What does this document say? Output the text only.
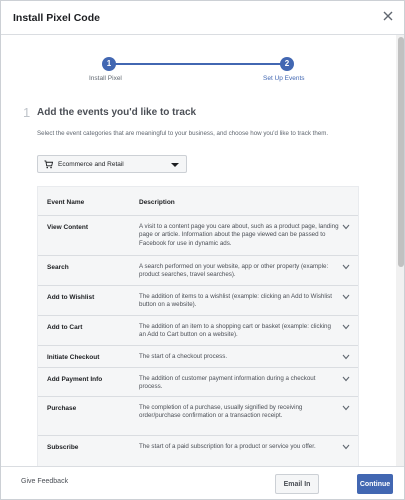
Install Pixel Code
1	2
Install Pixel	Set Up Events
1 Add the events you'd like to track
Select the event categories that are meaningful to your business, and choose how you'd like to track them.
Ecommerce and Retail
Event Name	Description
View Content	A visit to a content page you care about, such as a product page, landing page or article. Information about the page viewed can be passed to Facebook for use in dynamic ads.
Search	A search performed on your website, app or other property (example: product searches, travel searches).
Add to Wishlist	The addition of items to a wishlist (example: clicking an Add to Wishlist button on a website).
Add to Cart	The addition of an item to a shopping cart or basket (example: clicking an Add to Cart button on a website).
Initiate Checkout	The start of a checkout process.
Add Payment Info	The addition of customer payment information during a checkout process.
Purchase	The completion of a purchase, usually signified by receiving order/purchase confirmation or a transaction receipt.
Subscribe	The start of a paid subscription for a product or service you offer.
Give Feedback	Email In	Continue
